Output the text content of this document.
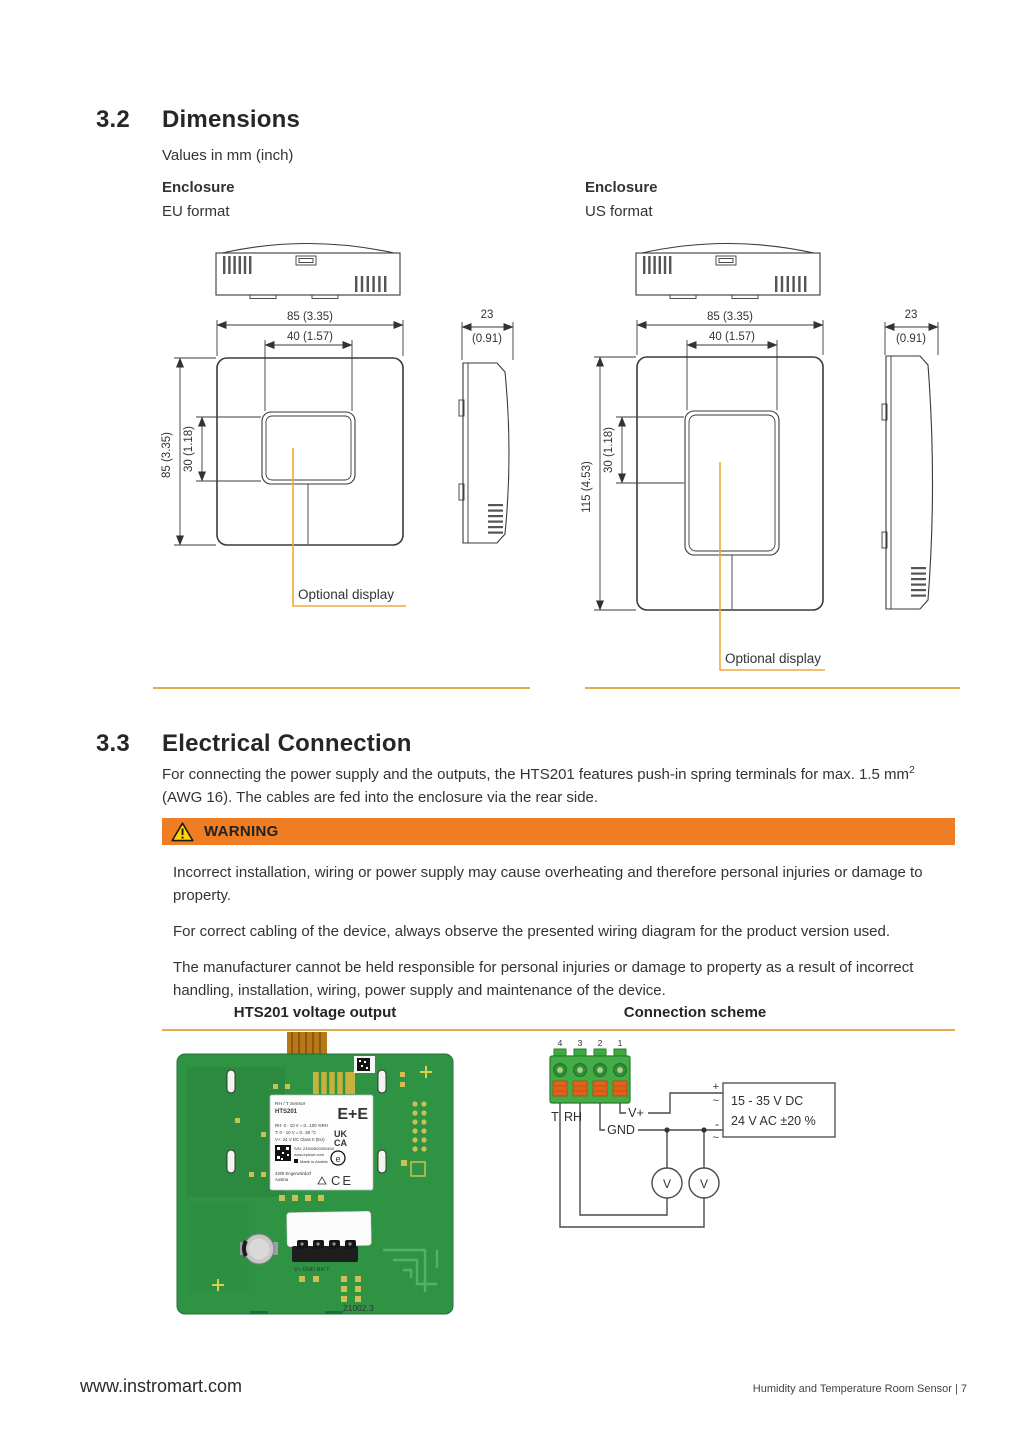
3.2 Dimensions
Values in mm (inch)
Enclosure
EU format
Enclosure
US format
85 (3.35)
40 (1.57)
85 (3.35) 30 (1.18)
23
(0.91)
Optional display
85 (3.35)
40 (1.57)
115 (4.53)
30 (1.18)
23
(0.91)
Optional display
3.3 Electrical Connection
For connecting the power supply and the outputs, the HTS201 features push-in spring terminals for max. 1.5 $mm^2$
(AWG 16). The cables are fed into the enclosure via the rear side.
WARNING

Incorrect installation, wiring or power supply may cause overheating and therefore personal injuries or damage to property.

For correct cabling of the device, always observe the presented wiring diagram for the product version used.

The manufacturer cannot be held responsible for personal injuries or damage to property as a result of incorrect handling, installation, wiring, power supply and maintenance of the device.

HTS201 voltage output	Connection scheme
RH / T Sensor
HTS201	E+E
RH: 0 - 10 V = 0...100 %RH
T: 0 - 10 V = 0...50 °C
V+: 24 V DC Class II (EU)
S/N: 23302800000404
www.epluse.com
Made in Austria
4209 Engerwitzdorf
Austria
UK
CA
e
CE
V+ GND RH T
21002.3
4 3 2 1
T RH	V+
GND
15 - 35 V DC
24 V AC ±20 %
+
~
-
~
V V
www.instromart.com	Humidity and Temperature Room Sensor | 7
